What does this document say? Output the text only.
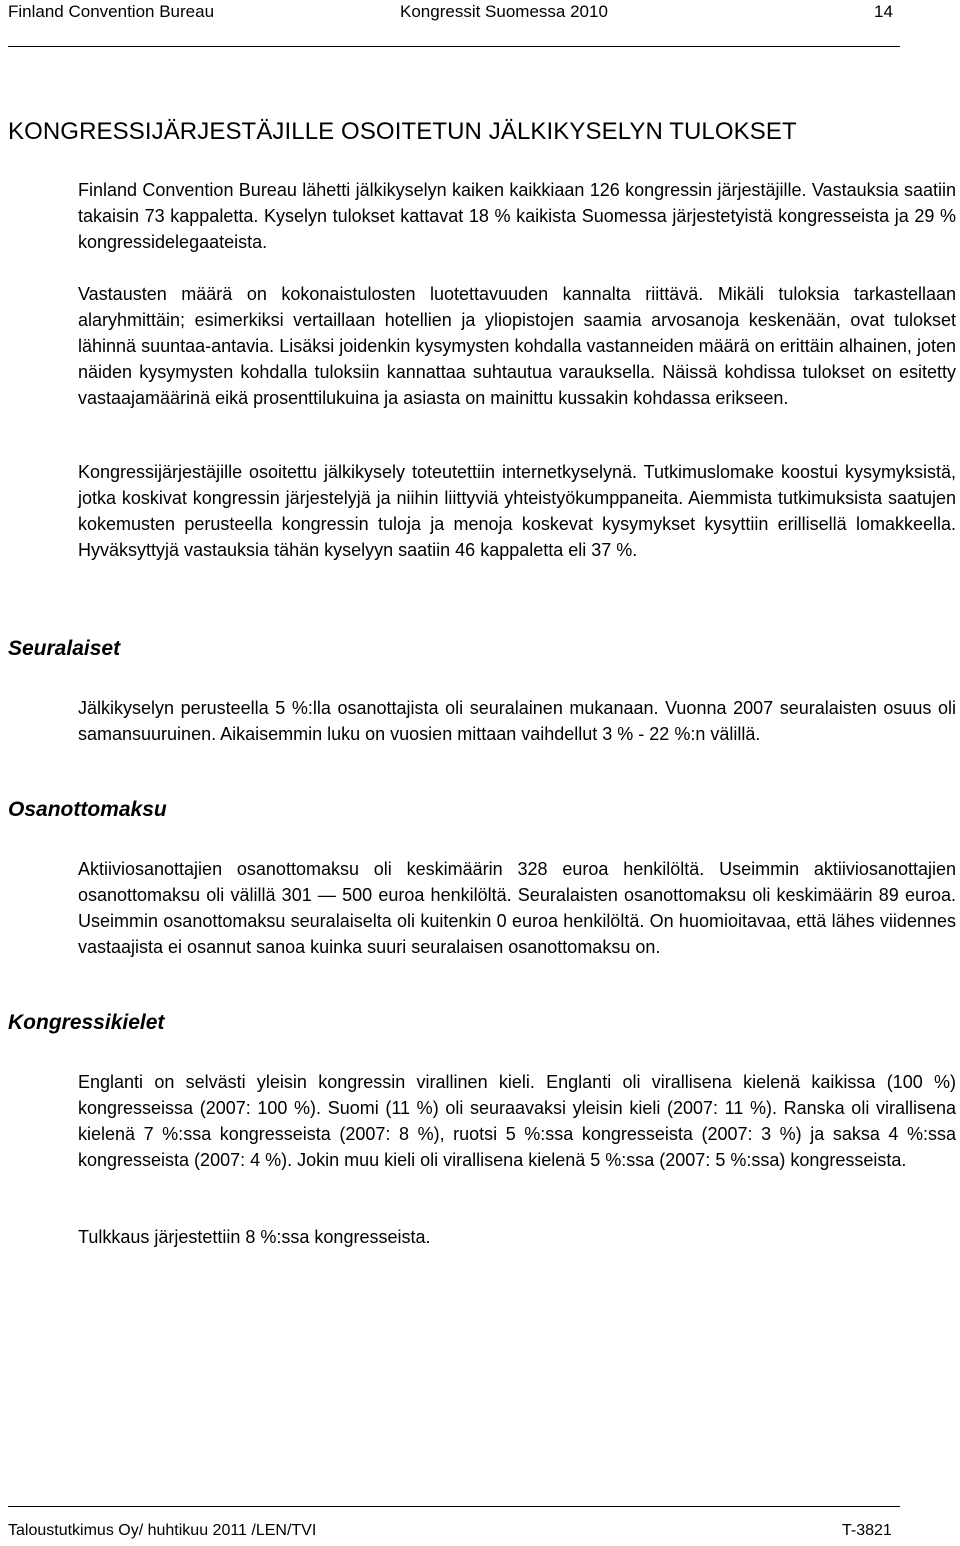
Finland Convention Bureau	Kongressit Suomessa 2010	14
KONGRESSIJÄRJESTÄJILLE OSOITETUN JÄLKIKYSELYN TULOKSET

Finland Convention Bureau lähetti jälkikyselyn kaiken kaikkiaan 126 kongressin järjestäjille. Vastauksia saatiin takaisin 73 kappaletta. Kyselyn tulokset kattavat 18 % kaikista Suomessa järjestetyistä kongresseista ja 29 % kongressidelegaateista.

Vastausten määrä on kokonaistulosten luotettavuuden kannalta riittävä. Mikäli tuloksia tarkastellaan alaryhmittäin; esimerkiksi vertaillaan hotellien ja yliopistojen saamia arvosanoja keskenään, ovat tulokset lähinnä suuntaa-antavia. Lisäksi joidenkin kysymysten kohdalla vastanneiden määrä on erittäin alhainen, joten näiden kysymysten kohdalla tuloksiin kannattaa suhtautua varauksella. Näissä kohdissa tulokset on esitetty vastaajamäärinä eikä prosenttilukuina ja asiasta on mainittu kussakin kohdassa erikseen.

Kongressijärjestäjille osoitettu jälkikysely toteutettiin internetkyselynä. Tutkimuslomake koostui kysymyksistä, jotka koskivat kongressin järjestelyjä ja niihin liittyviä yhteistyökumppaneita. Aiemmista tutkimuksista saatujen kokemusten perusteella kongressin tuloja ja menoja koskevat kysymykset kysyttiin erillisellä lomakkeella. Hyväksyttyjä vastauksia tähän kyselyyn saatiin 46 kappaletta eli 37 %.

Seuralaiset

Jälkikyselyn perusteella 5 %:lla osanottajista oli seuralainen mukanaan. Vuonna 2007 seuralaisten osuus oli samansuuruinen. Aikaisemmin luku on vuosien mittaan vaihdellut 3 % - 22 %:n välillä.

Osanottomaksu

Aktiiviosanottajien osanottomaksu oli keskimäärin 328 euroa henkilöltä. Useimmin aktiiviosanottajien osanottomaksu oli välillä 301 — 500 euroa henkilöltä. Seuralaisten osanottomaksu oli keskimäärin 89 euroa. Useimmin osanottomaksu seuralaiselta oli kuitenkin 0 euroa henkilöltä. On huomioitavaa, että lähes viidennes vastaajista ei osannut sanoa kuinka suuri seuralaisen osanottomaksu on.

Kongressikielet

Englanti on selvästi yleisin kongressin virallinen kieli. Englanti oli virallisena kielenä kaikissa (100 %) kongresseissa (2007: 100 %). Suomi (11 %) oli seuraavaksi yleisin kieli (2007: 11 %). Ranska oli virallisena kielenä 7 %:ssa kongresseista (2007: 8 %), ruotsi 5 %:ssa kongresseista (2007: 3 %) ja saksa 4 %:ssa kongresseista (2007: 4 %). Jokin muu kieli oli virallisena kielenä 5 %:ssa (2007: 5 %:ssa) kongresseista.

Tulkkaus järjestettiin 8 %:ssa kongresseista.

Taloustutkimus Oy/ huhtikuu 2011 /LEN/TVI	T-3821
